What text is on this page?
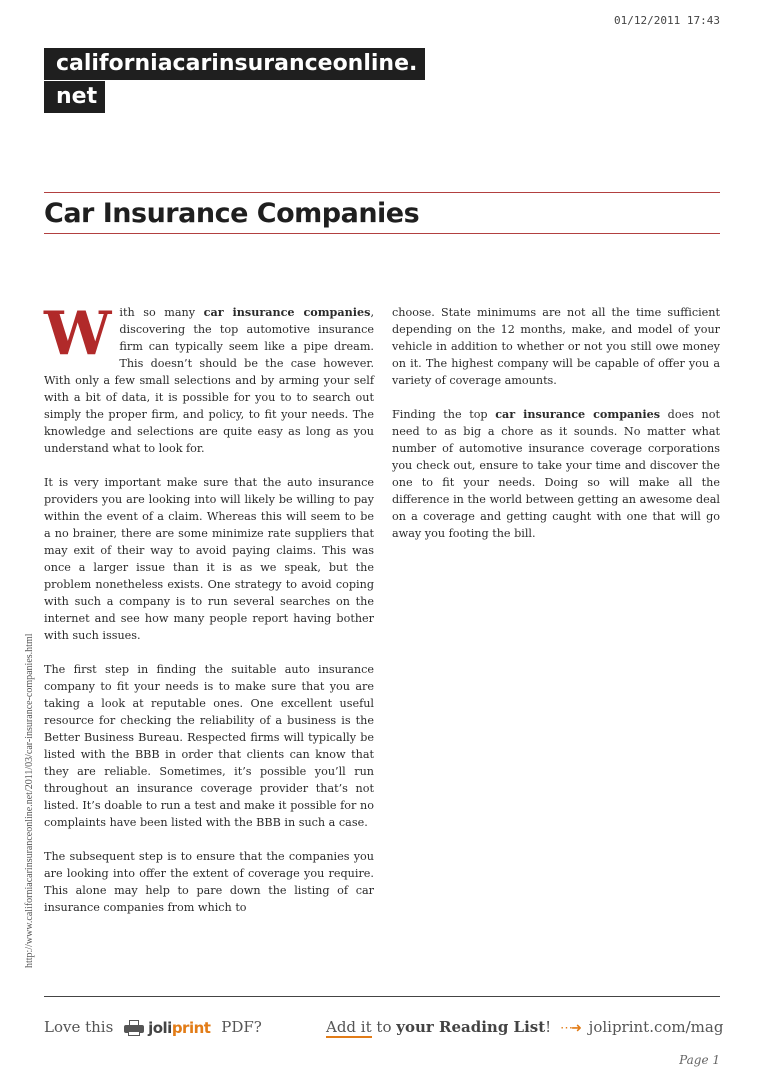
01/12/2011 17:43
californiacarinsuranceonline.
net
Car Insurance Companies

With so many car insurance companies, discovering the top automotive insurance firm can typically seem like a pipe dream. This doesn’t should be the case however. With only a few small selections and by arming your self with a bit of data, it is possible for you to to search out simply the proper firm, and policy, to fit your needs. The knowledge and selections are quite easy as long as you understand what to look for.

It is very important make sure that the auto insurance providers you are looking into will likely be willing to pay within the event of a claim. Whereas this will seem to be a no brainer, there are some minimize rate suppliers that may exit of their way to avoid paying claims. This was once a larger issue than it is as we speak, but the problem nonetheless exists. One strategy to avoid coping with such a company is to run several searches on the internet and see how many people report having bother with such issues.

The first step in finding the suitable auto insurance company to fit your needs is to make sure that you are taking a look at reputable ones. One excellent useful resource for checking the reliability of a business is the Better Business Bureau. Respected firms will typically be listed with the BBB in order that clients can know that they are reliable. Sometimes, it’s possible you’ll run throughout an insurance coverage provider that’s not listed. It’s doable to run a test and make it possible for no complaints have been listed with the BBB in such a case.

The subsequent step is to ensure that the companies you are looking into offer the extent of coverage you require. This alone may help to pare down the listing of car insurance companies from which to

choose. State minimums are not all the time sufficient depending on the 12 months, make, and model of your vehicle in addition to whether or not you still owe money on it. The highest company will be capable of offer you a variety of coverage amounts.

Finding the top car insurance companies does not need to as big a chore as it sounds. No matter what number of automotive insurance coverage corporations you check out, ensure to take your time and discover the one to fit your needs. Doing so will make all the difference in the world between getting an awesome deal on a coverage and getting caught with one that will go away you footing the bill.

http://www.californiacarinsuranceonline.net/2011/03/car-insurance-companies.html
Love this joliprint PDF?	Add it to your Reading List! ⋯➜ joliprint.com/mag
Page 1
